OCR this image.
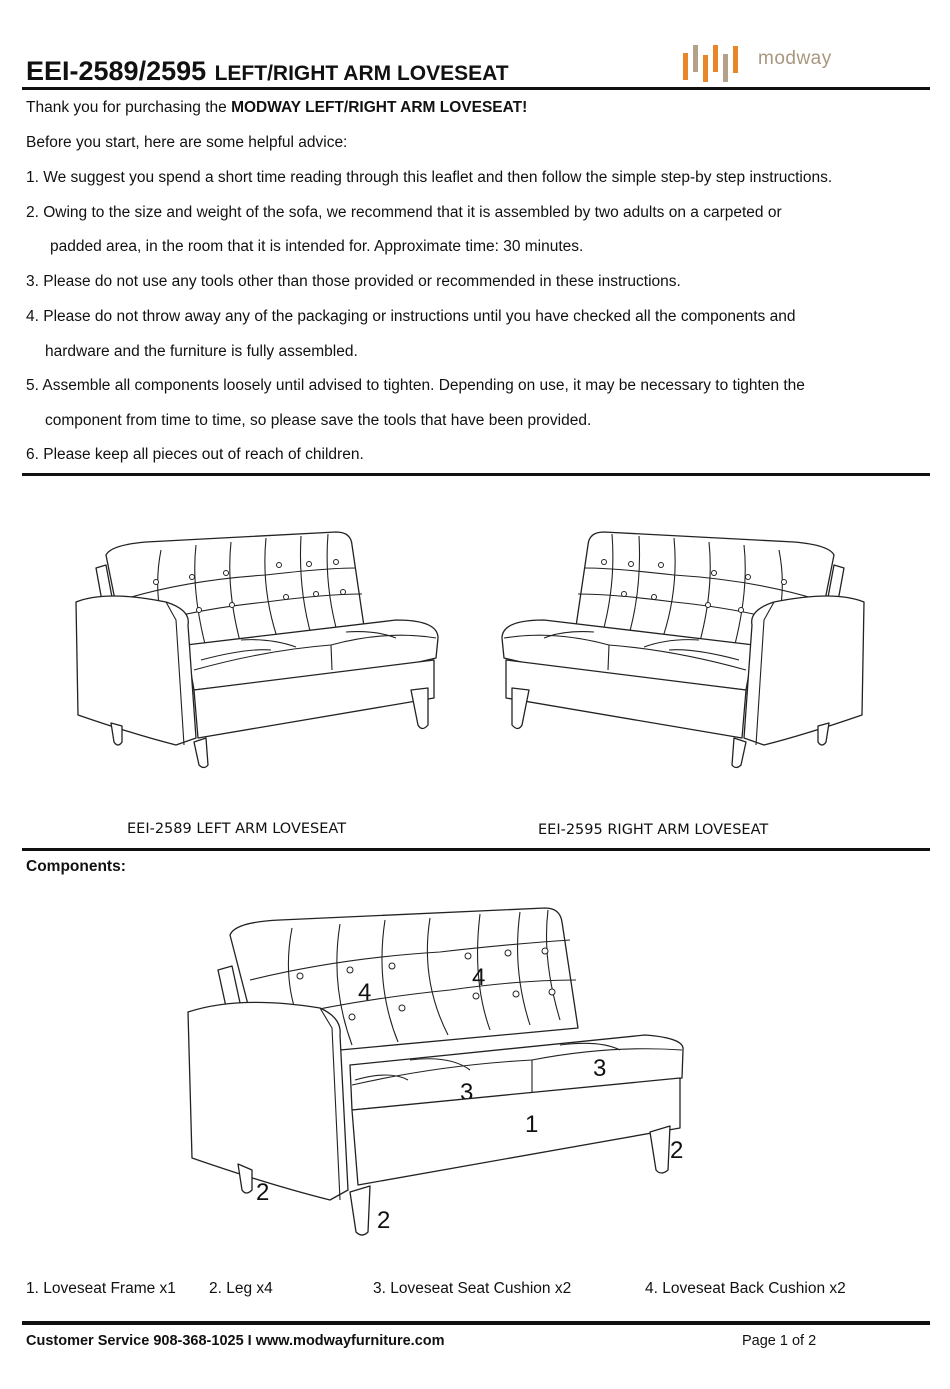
EEI-2589/2595 LEFT/RIGHT ARM LOVESEAT
modway
Thank you for purchasing the MODWAY LEFT/RIGHT ARM LOVESEAT!
Before you start, here are some helpful advice:
1. We suggest you spend a short time reading through this leaflet and then follow the simple step-by step instructions.
2. Owing to the size and weight of the sofa, we recommend that it is assembled by two adults on a carpeted or
padded area, in the room that it is intended for. Approximate time: 30 minutes.
3. Please do not use any tools other than those provided or recommended in these instructions.
4. Please do not throw away any of the packaging or instructions until you have checked all the components and
hardware and the furniture is fully assembled.
5. Assemble all components loosely until advised to tighten. Depending on use, it may be necessary to tighten the
component from time to time, so please save the tools that have been provided.
6. Please keep all pieces out of reach of children.
EEI-2589 LEFT ARM LOVESEAT	EEI-2595 RIGHT ARM LOVESEAT
Components:
4
4
3
3
1
2
2
2
1. Loveseat Frame x1 2. Leg x4	3. Loveseat Seat Cushion x2	4. Loveseat Back Cushion x2
Customer Service 908-368-1025 I www.modwayfurniture.com	Page 1 of 2
